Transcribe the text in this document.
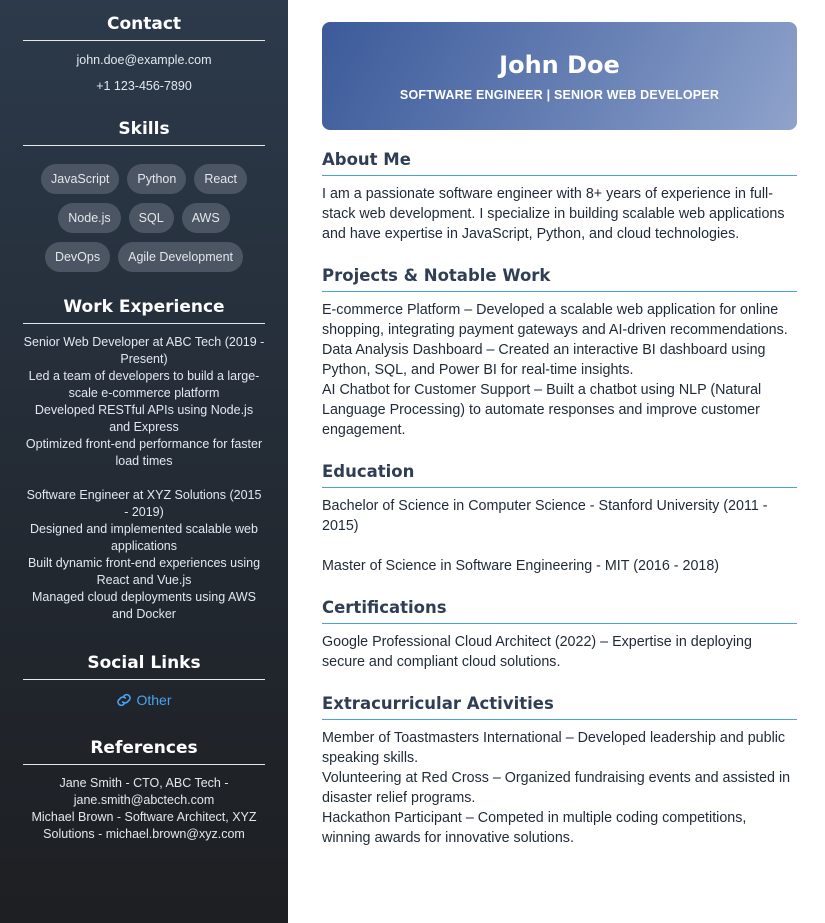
Contact
john.doe@example.com
+1 123-456-7890
Skills
JavaScript	Python	React
Node.js	SQL	AWS
DevOps	Agile Development
Work Experience
Senior Web Developer at ABC Tech (2019 - Present)
Led a team of developers to build a large-scale e-commerce platform
Developed RESTful APIs using Node.js and Express
Optimized front-end performance for faster load times
Software Engineer at XYZ Solutions (2015 - 2019)
Designed and implemented scalable web applications
Built dynamic front-end experiences using React and Vue.js
Managed cloud deployments using AWS and Docker
Social Links
Other
References
Jane Smith - CTO, ABC Tech - jane.smith@abctech.com
Michael Brown - Software Architect, XYZ Solutions - michael.brown@xyz.com
John Doe
SOFTWARE ENGINEER | SENIOR WEB DEVELOPER
About Me

I am a passionate software engineer with 8+ years of experience in full-stack web development. I specialize in building scalable web applications and have expertise in JavaScript, Python, and cloud technologies.

Projects & Notable Work
E-commerce Platform – Developed a scalable web application for online shopping, integrating payment gateways and AI-driven recommendations.
Data Analysis Dashboard – Created an interactive BI dashboard using Python, SQL, and Power BI for real-time insights.
AI Chatbot for Customer Support – Built a chatbot using NLP (Natural Language Processing) to automate responses and improve customer engagement.
Education
Bachelor of Science in Computer Science - Stanford University (2011 - 2015)
Master of Science in Software Engineering - MIT (2016 - 2018)
Certifications
Google Professional Cloud Architect (2022) – Expertise in deploying secure and compliant cloud solutions.
Extracurricular Activities
Member of Toastmasters International – Developed leadership and public speaking skills.
Volunteering at Red Cross – Organized fundraising events and assisted in disaster relief programs.
Hackathon Participant – Competed in multiple coding competitions, winning awards for innovative solutions.
